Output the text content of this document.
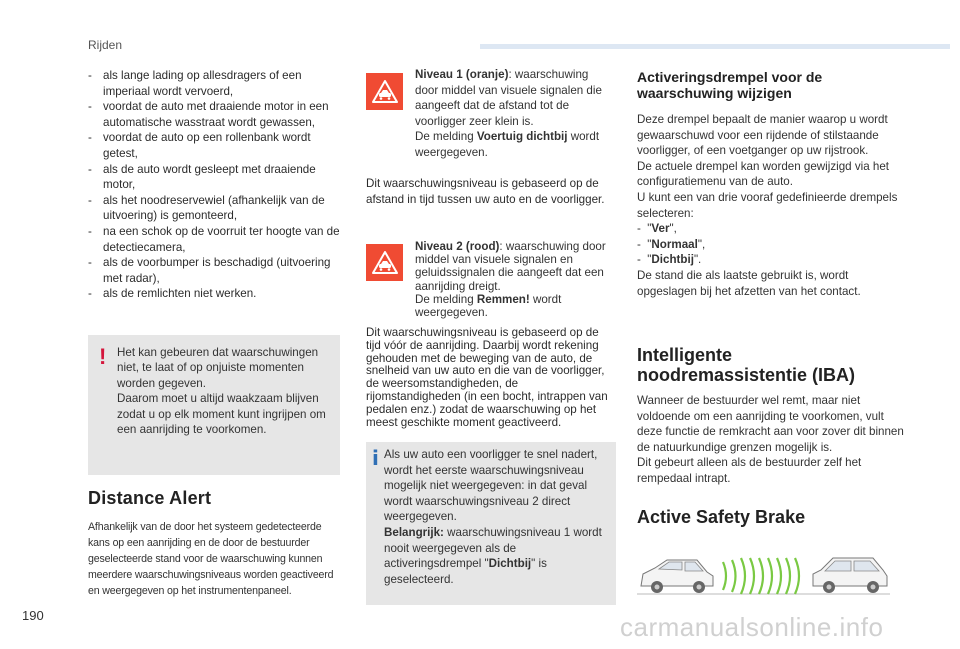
Rijden
- als lange lading op allesdragers of een imperiaal wordt vervoerd,
- voordat de auto met draaiende motor in een automatische wasstraat wordt gewassen,
- voordat de auto op een rollenbank wordt getest,
- als de auto wordt gesleept met draaiende motor,
- als het noodreservewiel (afhankelijk van de uitvoering) is gemonteerd,
- na een schok op de voorruit ter hoogte van de detectiecamera,
- als de voorbumper is beschadigd (uitvoering met radar),
- als de remlichten niet werken.
! Het kan gebeuren dat waarschuwingen niet, te laat of op onjuiste momenten worden gegeven.
Daarom moet u altijd waakzaam blijven zodat u op elk moment kunt ingrijpen om een aanrijding te voorkomen.
Distance Alert
Afhankelijk van de door het systeem gedetecteerde kans op een aanrijding en de door de bestuurder geselecteerde stand voor de waarschuwing kunnen meerdere waarschuwingsniveaus worden geactiveerd en weergegeven op het instrumentenpaneel.
Niveau 1 (oranje): waarschuwing door middel van visuele signalen die aangeeft dat de afstand tot de voorligger zeer klein is.
De melding Voertuig dichtbij wordt weergegeven.
Dit waarschuwingsniveau is gebaseerd op de afstand in tijd tussen uw auto en de voorligger.
Niveau 2 (rood): waarschuwing door middel van visuele signalen en geluidssignalen die aangeeft dat een aanrijding dreigt.
De melding Remmen! wordt weergegeven.
Dit waarschuwingsniveau is gebaseerd op de tijd vóór de aanrijding. Daarbij wordt rekening gehouden met de beweging van de auto, de snelheid van uw auto en die van de voorligger, de weersomstandigheden, de rijomstandigheden (in een bocht, intrappen van pedalen enz.) zodat de waarschuwing op het meest geschikte moment geactiveerd.
i Als uw auto een voorligger te snel nadert, wordt het eerste waarschuwingsniveau mogelijk niet weergegeven: in dat geval wordt waarschuwingsniveau 2 direct weergegeven.
Belangrijk: waarschuwingsniveau 1 wordt nooit weergegeven als de activeringsdrempel "Dichtbij" is geselecteerd.
Activeringsdrempel voor de waarschuwing wijzigen
Deze drempel bepaalt de manier waarop u wordt gewaarschuwd voor een rijdende of stilstaande voorligger, of een voetganger op uw rijstrook.
De actuele drempel kan worden gewijzigd via het configuratiemenu van de auto.
U kunt een van drie vooraf gedefinieerde drempels selecteren:
-  "Ver",
-  "Normaal",
-  "Dichtbij".
De stand die als laatste gebruikt is, wordt opgeslagen bij het afzetten van het contact.
Intelligente noodremassistentie (IBA)
Wanneer de bestuurder wel remt, maar niet voldoende om een aanrijding te voorkomen, vult deze functie de remkracht aan voor zover dit binnen de natuurkundige grenzen mogelijk is.
Dit gebeurt alleen als de bestuurder zelf het rempedaal intrapt.
Active Safety Brake
190	carmanualsonline.info
